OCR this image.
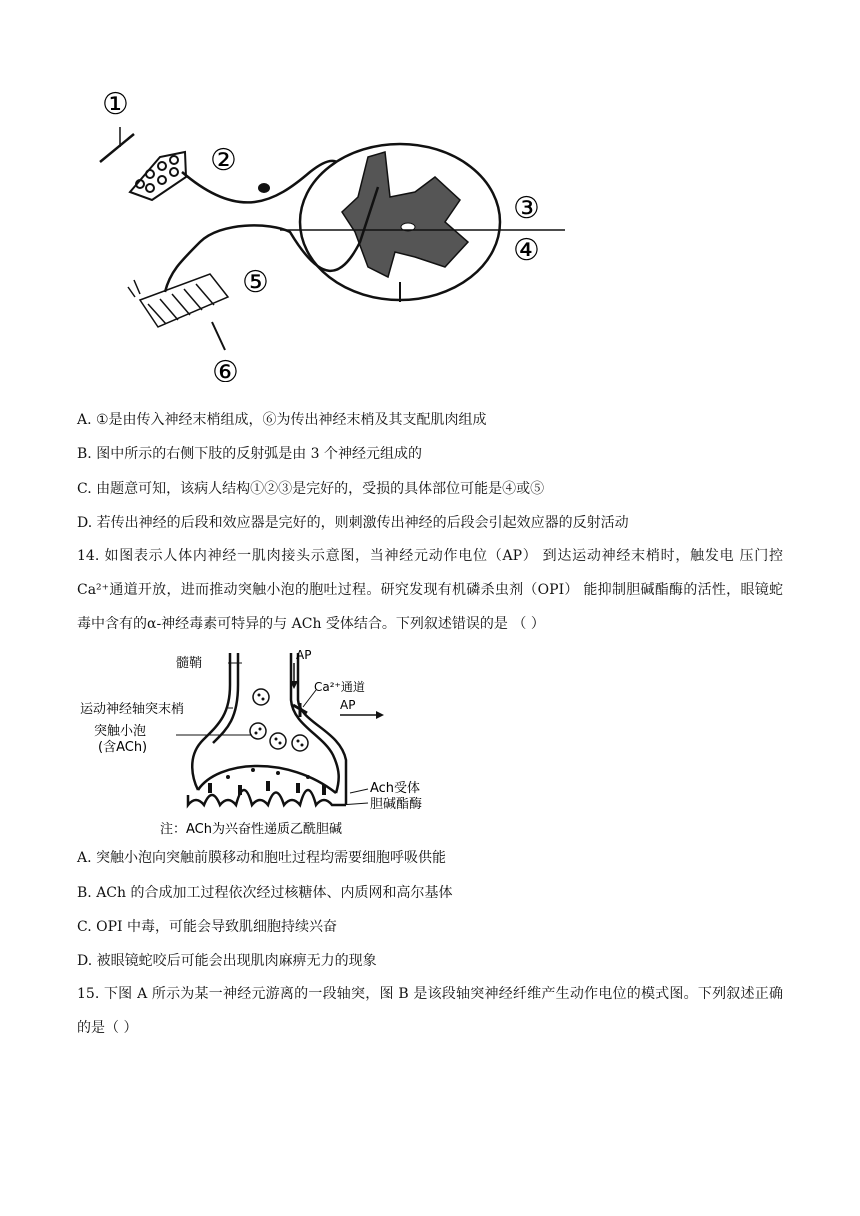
①
②
③
④
⑤
⑥
A. ①是由传入神经末梢组成，⑥为传出神经末梢及其支配肌肉组成
B. 图中所示的右侧下肢的反射弧是由 3 个神经元组成的
C. 由题意可知，该病人结构①②③是完好的，受损的具体部位可能是④或⑤
D. 若传出神经的后段和效应器是完好的，则刺激传出神经的后段会引起效应器的反射活动
14. 如图表示人体内神经一肌肉接头示意图，当神经元动作电位（AP） 到达运动神经末梢时，触发电 压门控 Ca²⁺通道开放，进而推动突触小泡的胞吐过程。研究发现有机磷杀虫剂（OPI） 能抑制胆碱酯酶的活性，眼镜蛇毒中含有的α-神经毒素可特异的与 ACh 受体结合。下列叙述错误的是 （ ）
髓鞘
AP
Ca²⁺通道
AP
运动神经轴突末梢
突触小泡
(含ACh)
Ach受体
胆碱酯酶
注：ACh为兴奋性递质乙酰胆碱
A. 突触小泡向突触前膜移动和胞吐过程均需要细胞呼吸供能
B. ACh 的合成加工过程依次经过核糖体、内质网和高尔基体
C. OPI 中毒，可能会导致肌细胞持续兴奋
D. 被眼镜蛇咬后可能会出现肌肉麻痹无力的现象
15. 下图 A 所示为某一神经元游离的一段轴突，图 B 是该段轴突神经纤维产生动作电位的模式图。下列叙述正确的是（ ）
